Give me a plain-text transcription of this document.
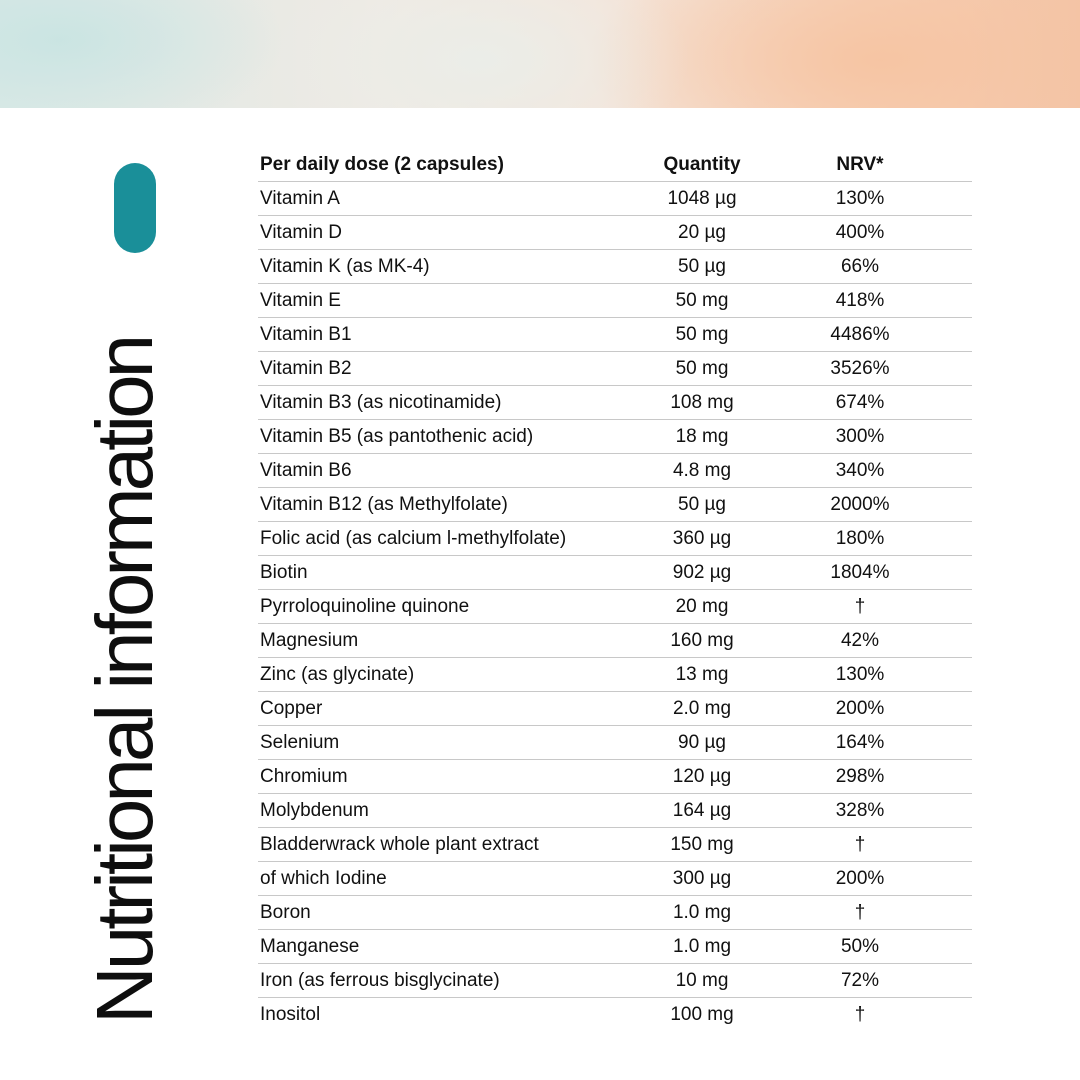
Nutritional information
Per daily dose (2 capsules)	Quantity	NRV*
Vitamin A	1048 µg	130%
Vitamin D	20 µg	400%
Vitamin K (as MK-4)	50 µg	66%
Vitamin E	50 mg	418%
Vitamin B1	50 mg	4486%
Vitamin B2	50 mg	3526%
Vitamin B3 (as nicotinamide)	108 mg	674%
Vitamin B5 (as pantothenic acid)	18 mg	300%
Vitamin B6	4.8 mg	340%
Vitamin B12 (as Methylfolate)	50 µg	2000%
Folic acid (as calcium l-methylfolate)	360 µg	180%
Biotin	902 µg	1804%
Pyrroloquinoline quinone	20 mg	†
Magnesium	160 mg	42%
Zinc (as glycinate)	13 mg	130%
Copper	2.0 mg	200%
Selenium	90 µg	164%
Chromium	120 µg	298%
Molybdenum	164 µg	328%
Bladderwrack whole plant extract	150 mg	†
of which Iodine	300 µg	200%
Boron	1.0 mg	†
Manganese	1.0 mg	50%
Iron (as ferrous bisglycinate)	10 mg	72%
Inositol	100 mg	†
